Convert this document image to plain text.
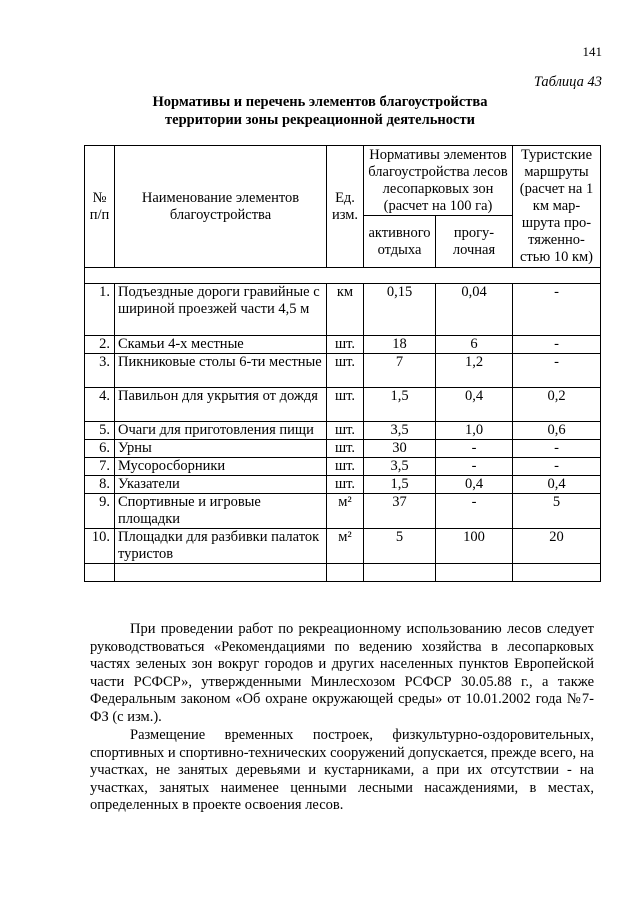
141
Таблица 43
Нормативы и перечень элементов благоустройства
территории зоны рекреационной деятельности
№ п/п	Наименование элементов благоустройства	Ед. изм.	Нормативы элементов благоустройства лесов лесопарковых зон (расчет на 100 га)		Туристские маршруты (расчет на 1 км мар-шрута про-тяженно-стью 10 км)
			активного отдыха	прогу-лочная	

1.	Подъездные дороги гравийные с шириной проезжей части 4,5 м	км	0,15	0,04	-
2.	Скамьи 4-х местные	шт.	18	6	-
3.	Пикниковые столы 6-ти местные	шт.	7	1,2	-
4.	Павильон для укрытия от дождя	шт.	1,5	0,4	0,2
5.	Очаги для приготовления пищи	шт.	3,5	1,0	0,6
6.	Урны	шт.	30	-	-
7.	Мусоросборники	шт.	3,5	-	-
8.	Указатели	шт.	1,5	0,4	0,4
9.	Спортивные и игровые площадки	м²	37	-	5
10.	Площадки для разбивки палаток туристов	м²	5	100	20

При проведении работ по рекреационному использованию лесов следует руководствоваться «Рекомендациями по ведению хозяйства в лесопарковых частях зеленых зон вокруг городов и других населенных пунктов Европейской части РСФСР», утвержденными Минлесхозом РСФСР 30.05.88 г., а также Федеральным законом «Об охране окружающей среды» от 10.01.2002 года №7-ФЗ (с изм.).

Размещение временных построек, физкультурно-оздоровительных, спортивных и спортивно-технических сооружений допускается, прежде всего, на участках, не занятых деревьями и кустарниками, а при их отсутствии - на участках, занятых наименее ценными лесными насаждениями, в местах, определенных в проекте освоения лесов.
